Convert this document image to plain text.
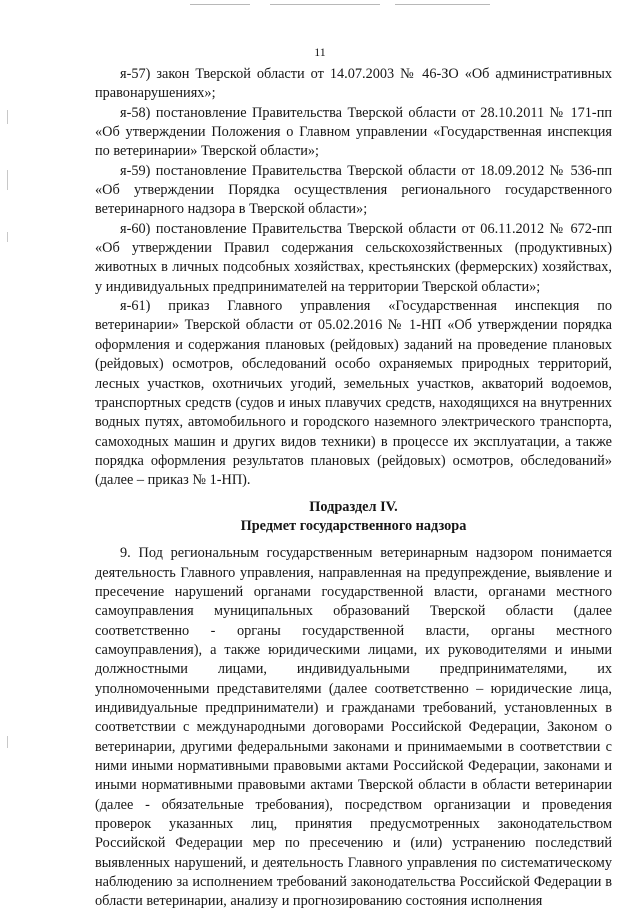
11

я-57) закон Тверской области от 14.07.2003 № 46-ЗО «Об административных правонарушениях»;

я-58) постановление Правительства Тверской области от 28.10.2011 № 171-пп «Об утверждении Положения о Главном управлении «Государственная инспекция по ветеринарии» Тверской области»;

я-59) постановление Правительства Тверской области от 18.09.2012 № 536-пп «Об утверждении Порядка осуществления регионального государственного ветеринарного надзора в Тверской области»;

я-60) постановление Правительства Тверской области от 06.11.2012 № 672-пп «Об утверждении Правил содержания сельскохозяйственных (продуктивных) животных в личных подсобных хозяйствах, крестьянских (фермерских) хозяйствах, у индивидуальных предпринимателей на территории Тверской области»;

я-61) приказ Главного управления «Государственная инспекция по ветеринарии» Тверской области от 05.02.2016 № 1-НП «Об утверждении порядка оформления и содержания плановых (рейдовых) заданий на проведение плановых (рейдовых) осмотров, обследований особо охраняемых природных территорий, лесных участков, охотничьих угодий, земельных участков, акваторий водоемов, транспортных средств (судов и иных плавучих средств, находящихся на внутренних водных путях, автомобильного и городского наземного электрического транспорта, самоходных машин и других видов техники) в процессе их эксплуатации, а также порядка оформления результатов плановых (рейдовых) осмотров, обследований» (далее – приказ № 1-НП).

Подраздел IV.

Предмет государственного надзора

9. Под региональным государственным ветеринарным надзором понимается деятельность Главного управления, направленная на предупреждение, выявление и пресечение нарушений органами государственной власти, органами местного самоуправления муниципальных образований Тверской области (далее соответственно - органы государственной власти, органы местного самоуправления), а также юридическими лицами, их руководителями и иными должностными лицами, индивидуальными предпринимателями, их уполномоченными представителями (далее соответственно – юридические лица, индивидуальные предприниматели) и гражданами требований, установленных в соответствии с международными договорами Российской Федерации, Законом о ветеринарии, другими федеральными законами и принимаемыми в соответствии с ними иными нормативными правовыми актами Российской Федерации, законами и иными нормативными правовыми актами Тверской области в области ветеринарии (далее - обязательные требования), посредством организации и проведения проверок указанных лиц, принятия предусмотренных законодательством Российской Федерации мер по пресечению и (или) устранению последствий выявленных нарушений, и деятельность Главного управления по систематическому наблюдению за исполнением требований законодательства Российской Федерации в области ветеринарии, анализу и прогнозированию состояния исполнения
